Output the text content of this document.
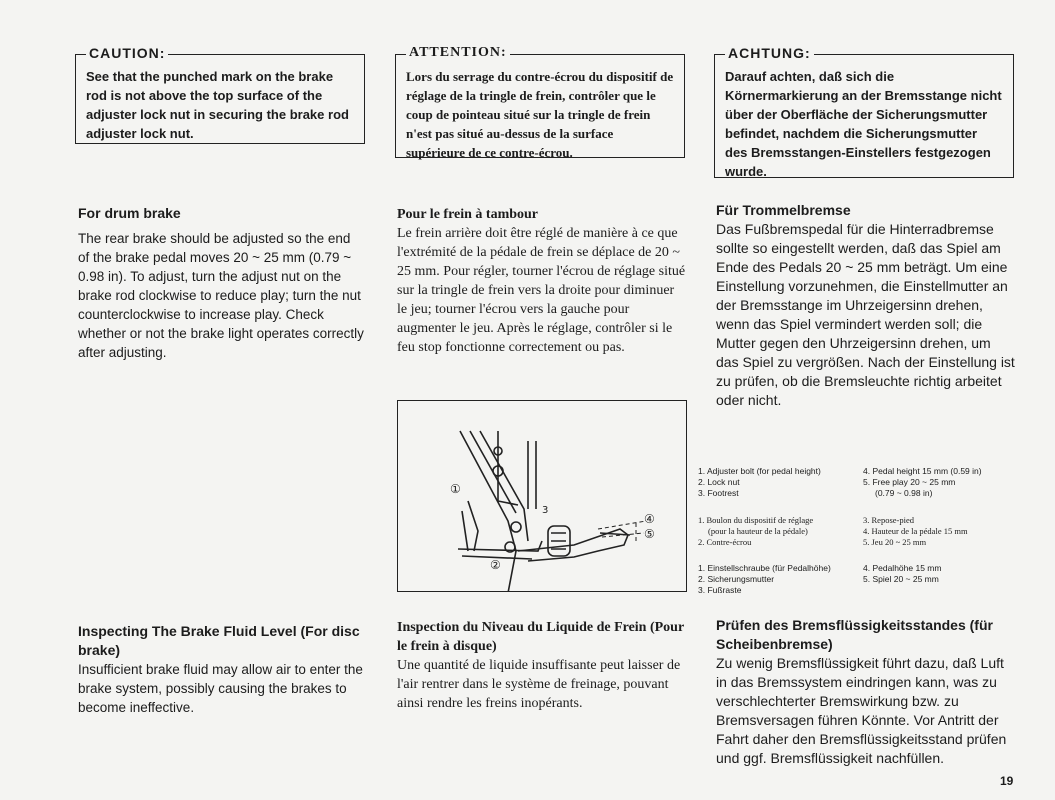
CAUTION:

See that the punched mark on the brake rod is not above the top surface of the adjuster lock nut in securing the brake rod adjuster lock nut.

ATTENTION:

Lors du serrage du contre-écrou du dispositif de réglage de la tringle de frein, contrôler que le coup de pointeau situé sur la tringle de frein n'est pas situé au-dessus de la surface supérieure de ce contre-écrou.

ACHTUNG:

Darauf achten, daß sich die Körnermarkierung an der Bremsstange nicht über der Oberfläche der Sicherungsmutter befindet, nachdem die Sicherungsmutter des Bremsstangen-Einstellers festgezogen wurde.

For drum brake

The rear brake should be adjusted so the end of the brake pedal moves 20 ~ 25 mm (0.79 ~ 0.98 in). To adjust, turn the adjust nut on the brake rod clockwise to reduce play; turn the nut counterclockwise to increase play. Check whether or not the brake light operates correctly after adjusting.

Pour le frein à tambour

Le frein arrière doit être réglé de manière à ce que l'extrémité de la pédale de frein se déplace de 20 ~ 25 mm. Pour régler, tourner l'écrou de réglage situé sur la tringle de frein vers la droite pour diminuer le jeu; tourner l'écrou vers la gauche pour augmenter le jeu. Après le réglage, contrôler si le feu stop fonctionne correctement ou pas.

Für Trommelbremse

Das Fußbremspedal für die Hinterradbremse sollte so eingestellt werden, daß das Spiel am Ende des Pedals 20 ~ 25 mm beträgt. Um eine Einstellung vorzunehmen, die Einstellmutter an der Bremsstange im Uhrzeigersinn drehen, wenn das Spiel vermindert werden soll; die Mutter gegen den Uhrzeigersinn drehen, um das Spiel zu vergrößen. Nach der Einstellung ist zu prüfen, ob die Bremsleuchte richtig arbeitet oder nicht.

①
②
3
④
⑤
1. Adjuster bolt (for pedal height)
2. Lock nut
3. Footrest
4. Pedal height 15 mm (0.59 in)
5. Free play 20 ~ 25 mm
(0.79 ~ 0.98 in)
1. Boulon du dispositif de réglage
(pour la hauteur de la pédale)
2. Contre-écrou
3. Repose-pied
4. Hauteur de la pédale 15 mm
5. Jeu 20 ~ 25 mm
1. Einstellschraube (für Pedalhöhe)
2. Sicherungsmutter
3. Fußraste
4. Pedalhöhe 15 mm
5. Spiel 20 ~ 25 mm
Inspecting The Brake Fluid Level (For disc brake)

Insufficient brake fluid may allow air to enter the brake system, possibly causing the brakes to become ineffective.

Inspection du Niveau du Liquide de Frein (Pour le frein à disque)

Une quantité de liquide insuffisante peut laisser de l'air rentrer dans le système de freinage, pouvant ainsi rendre les freins inopérants.

Prüfen des Bremsflüssigkeitsstandes (für Scheibenbremse)

Zu wenig Bremsflüssigkeit führt dazu, daß Luft in das Bremssystem eindringen kann, was zu verschlechterter Bremswirkung bzw. zu Bremsversagen führen Könnte. Vor Antritt der Fahrt daher den Bremsflüssigkeitsstand prüfen und ggf. Bremsflüssigkeit nachfüllen.

19
